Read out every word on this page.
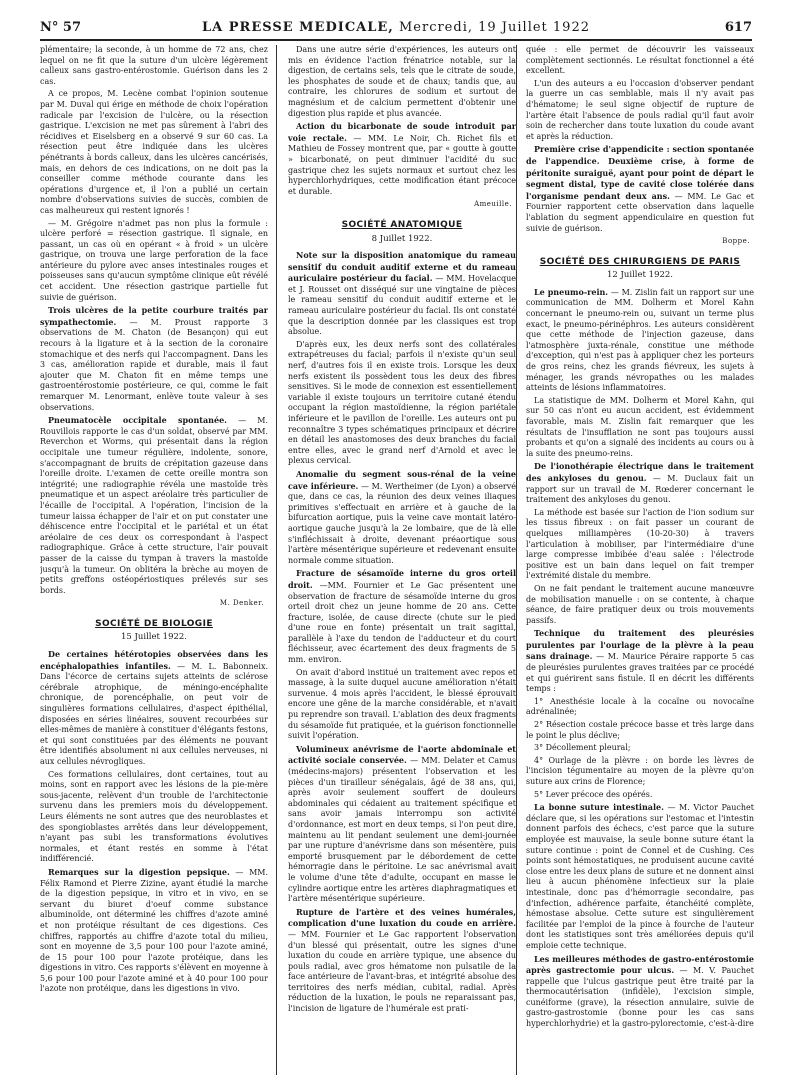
N° 57	LA PRESSE MEDICALE, Mercredi, 19 Juillet 1922	617

plémentaire; la seconde, à un homme de 72 ans, chez lequel on ne fit que la suture d'un ulcère légèrement calleux sans gastro-entérostomie. Guérison dans les 2 cas.

A ce propos, M. Lecène combat l'opinion soutenue par M. Duval qui érige en méthode de choix l'opération radicale par l'excision de l'ulcère, ou la résection gastrique. L'excision ne met pas sûrement à l'abri des récidives et Eiselsberg en a observé 9 sur 60 cas. La résection peut être indiquée dans les ulcères pénétrants à bords calleux, dans les ulcères cancérisés, mais, en dehors de ces indications, on ne doit pas la conseiller comme méthode courante dans les opérations d'urgence et, il l'on a publié un certain nombre d'observations suivies de succès, combien de cas malheureux qui restent ignorés !

— M. Grégoire n'admet pas non plus la formule : ulcère perforé = résection gastrique. Il signale, en passant, un cas où en opérant « à froid » un ulcère gastrique, on trouva une large perforation de la face antérieure du pylore avec anses intestinales rouges et poisseuses sans qu'aucun symptôme clinique eût révélé cet accident. Une résection gastrique partielle fut suivie de guérison.

Trois ulcères de la petite courbure traités par sympathectomie. — M. Proust rapporte 3 observations de M. Chaton (de Besançon) qui eut recours à la ligature et à la section de la coronaire stomachique et des nerfs qui l'accompagnent. Dans les 3 cas, amélioration rapide et durable, mais il faut ajouter que M. Chaton fit en même temps une gastroentérostomie postérieure, ce qui, comme le fait remarquer M. Lenormant, enlève toute valeur à ses observations.

Pneumatocèle occipitale spontanée. — M. Rouvillois rapporte le cas d'un soldat, observé par MM. Reverchon et Worms, qui présentait dans la région occipitale une tumeur régulière, indolente, sonore, s'accompagnant de bruits de crépitation gazeuse dans l'oreille droite. L'examen de cette oreille montra son intégrité; une radiographie révéla une mastoïde très pneumatique et un aspect aréolaire très particulier de l'écaille de l'occipital. A l'opération, l'incision de la tumeur laissa échapper de l'air et on put constater une déhiscence entre l'occipital et le pariétal et un état aréolaire de ces deux os correspondant à l'aspect radiographique. Grâce à cette structure, l'air pouvait passer de la caisse du tympan à travers la mastoïde jusqu'à la tumeur. On oblitéra la brèche au moyen de petits greffons ostéopériostiques prélevés sur ses bords.

M. Denker.
SOCIÉTÉ DE BIOLOGIE
15 Juillet 1922.

De certaines hétérotopies observées dans les encéphalopathies infantiles. — M. L. Babonneix. Dans l'écorce de certains sujets atteints de sclérose cérébrale atrophique, de méningo-encéphalite chronique, de porencéphalie, on peut voir de singulières formations cellulaires, d'aspect épithélial, disposées en séries linéaires, souvent recourbées sur elles-mêmes de manière à constituer d'élégants festons, et qui sont constituées par des éléments ne pouvant être identifiés absolument ni aux cellules nerveuses, ni aux cellules névrogliques.

Ces formations cellulaires, dont certaines, tout au moins, sont en rapport avec les lésions de la pie-mère sous-jacente, relèvent d'un trouble de l'architectonie survenu dans les premiers mois du développement. Leurs éléments ne sont autres que des neuroblastes et des spongioblastes arrêtés dans leur développement, n'ayant pas subi les transformations évolutives normales, et étant restés en somme à l'état indifférencié.

Remarques sur la digestion pepsique. — MM. Félix Ramond et Pierre Zizine, ayant étudié la marche de la digestion pepsique, in vitro et in vivo, en se servant du biuret d'oeuf comme substance albuminoïde, ont déterminé les chiffres d'azote aminé et non protéique résultant de ces digestions. Ces chiffres, rapportés au chiffre d'azote total du milieu, sont en moyenne de 3,5 pour 100 pour l'azote aminé, de 15 pour 100 pour l'azote protéique, dans les digestions in vitro. Ces rapports s'élèvent en moyenne à 5,6 pour 100 pour l'azote aminé et à 40 pour 100 pour l'azote non protéique, dans les digestions in vivo.

Dans une autre série d'expériences, les auteurs ont mis en évidence l'action frénatrice notable, sur la digestion, de certains sels, tels que le citrate de soude, les phosphates de soude et de chaux; tandis que, au contraire, les chlorures de sodium et surtout de magnésium et de calcium permettent d'obtenir une digestion plus rapide et plus avancée.

Action du bicarbonate de soude introduit par voie rectale. — MM. Le Noir, Ch. Richet fils et Mathieu de Fossey montrent que, par « goutte à goutte » bicarbonaté, on peut diminuer l'acidité du suc gastrique chez les sujets normaux et surtout chez les hyperchlorhydriques, cette modification étant précoce et durable.

Ameuille.
SOCIÉTÉ ANATOMIQUE
8 Juillet 1922.

Note sur la disposition anatomique du rameau sensitif du conduit auditif externe et du rameau auriculaire postérieur du facial. — MM. Hovelacque et J. Rousset ont disséqué sur une vingtaine de pièces le rameau sensitif du conduit auditif externe et le rameau auriculaire postérieur du facial. Ils ont constaté que la description donnée par les classiques est trop absolue.

D'après eux, les deux nerfs sont des collatérales extrapétreuses du facial; parfois il n'existe qu'un seul nerf, d'autres fois il en existe trois. Lorsque les deux nerfs existent ils possèdent tous les deux des fibres sensitives. Si le mode de connexion est essentiellement variable il existe toujours un territoire cutané étendu occupant la région mastoïdienne, la région pariétale inférieure et le pavillon de l'oreille. Les auteurs ont pu reconnaître 3 types schématiques principaux et décrire en détail les anastomoses des deux branches du facial entre elles, avec le grand nerf d'Arnold et avec le plexus cervical.

Anomalie du segment sous-rénal de la veine cave inférieure. — M. Wertheimer (de Lyon) a observé que, dans ce cas, la réunion des deux veines iliaques primitives s'effectuait en arrière et à gauche de la bifurcation aortique, puis la veine cave montait latéro-aortique gauche jusqu'à la 2e lombaire, que de là elle s'infléchissait à droite, devenant préaortique sous l'artère mésentérique supérieure et redevenant ensuite normale comme situation.

Fracture de sésamoïde interne du gros orteil droit. —MM. Fournier et Le Gac présentent une observation de fracture de sésamoïde interne du gros orteil droit chez un jeune homme de 20 ans. Cette fracture, isolée, de cause directe (chute sur le pied d'une roue en fonte) présentait un trait sagittal, parallèle à l'axe du tendon de l'adducteur et du court fléchisseur, avec écartement des deux fragments de 5 mm. environ.

On avait d'abord institué un traitement avec repos et massage, à la suite duquel aucune amélioration n'était survenue. 4 mois après l'accident, le blessé éprouvait encore une gêne de la marche considérable, et n'avait pu reprendre son travail. L'ablation des deux fragments du sésamoïde fut pratiquée, et la guérison fonctionnelle suivit l'opération.

Volumineux anévrisme de l'aorte abdominale et activité sociale conservée. — MM. Delater et Camus (médecins-majors) présentent l'observation et les pièces d'un tirailleur sénégalais, âgé de 38 ans, qui, après avoir seulement souffert de douleurs abdominales qui cédaient au traitement spécifique et sans avoir jamais interrompu son activité d'ordonnance, est mort en deux temps, si l'on peut dire, maintenu au lit pendant seulement une demi-journée par une rupture d'anévrisme dans son mésentère, puis emporté brusquement par le débordement de cette hémorragie dans le péritoine. Le sac anévrismal avait le volume d'une tête d'adulte, occupant en masse le cylindre aortique entre les artères diaphragmatiques et l'artère mésentérique supérieure.

Rupture de l'artère et des veines humérales, complication d'une luxation du coude en arrière. — MM. Fournier et Le Gac rapportent l'observation d'un blessé qui présentait, outre les signes d'une luxation du coude en arrière typique, une absence du pouls radial, avec gros hématome non pulsatile de la face antérieure de l'avant-bras, et intégrité absolue des territoires des nerfs médian, cubital, radial. Après réduction de la luxation, le pouls ne reparaissant pas, l'incision de ligature de l'humérale est prati-

quée : elle permet de découvrir les vaisseaux complètement sectionnés. Le résultat fonctionnel a été excellent.

L'un des auteurs a eu l'occasion d'observer pendant la guerre un cas semblable, mais il n'y avait pas d'hématome; le seul signe objectif de rupture de l'artère était l'absence de pouls radial qu'il faut avoir soin de rechercher dans toute luxation du coude avant et après la réduction.

Première crise d'appendicite : section spontanée de l'appendice. Deuxième crise, à forme de péritonite suraiguë, ayant pour point de départ le segment distal, type de cavité close tolérée dans l'organisme pendant deux ans. — MM. Le Gac et Fournier rapportent cette observation dans laquelle l'ablation du segment appendiculaire en question fut suivie de guérison.

Boppe.
SOCIÉTÉ DES CHIRURGIENS DE PARIS
12 Juillet 1922.

Le pneumo-rein. — M. Zislin fait un rapport sur une communication de MM. Dolherm et Morel Kahn concernant le pneumo-rein ou, suivant un terme plus exact, le pneumo-périnéphros. Les auteurs considèrent que cette méthode de l'injection gazeuse, dans l'atmosphère juxta-rénale, constitue une méthode d'exception, qui n'est pas à appliquer chez les porteurs de gros reins, chez les grands fiévreux, les sujets à ménager, les grands névropathes ou les malades atteints de lésions inflammatoires.

La statistique de MM. Dolherm et Morel Kahn, qui sur 50 cas n'ont eu aucun accident, est évidemment favorable, mais M. Zislin fait remarquer que les résultats de l'insufflation ne sont pas toujours aussi probants et qu'on a signalé des incidents au cours ou à la suite des pneumo-reins.

De l'ionothérapie électrique dans le traitement des ankyloses du genou. — M. Duclaux fait un rapport sur un travail de M. Rœderer concernant le traitement des ankyloses du genou.

La méthode est basée sur l'action de l'ion sodium sur les tissus fibreux : on fait passer un courant de quelques milliampères (10-20-30) à travers l'articulation à mobiliser, par l'intermédiaire d'une large compresse imbibée d'eau salée : l'électrode positive est un bain dans lequel on fait tremper l'extrémité distale du membre.

On ne fait pendant le traitement aucune manœuvre de mobilisation manuelle : on se contente, à chaque séance, de faire pratiquer deux ou trois mouvements passifs.

Technique du traitement des pleurésies purulentes par l'ourlage de la plèvre à la peau sans drainage. — M. Maurice Péraire rapporte 5 cas de pleurésies purulentes graves traitées par ce procédé et qui guérirent sans fistule. Il en décrit les différents temps :

1° Anesthésie locale à la cocaïne ou novocaïne adrénalinée;

2° Résection costale précoce basse et très large dans le point le plus déclive;

3° Décollement pleural;

4° Ourlage de la plèvre : on borde les lèvres de l'incision tégumentaire au moyen de la plèvre qu'on suture aux crins de Florence;

5° Lever précoce des opérés.

La bonne suture intestinale. — M. Victor Pauchet déclare que, si les opérations sur l'estomac et l'intestin donnent parfois des échecs, c'est parce que la suture employée est mauvaise, la seule bonne suture étant la suture continue : point de Connel et de Cushing. Ces points sont hémostatiques, ne produisent aucune cavité close entre les deux plans de suture et ne donnent ainsi lieu à aucun phénomène infectieux sur la plaie intestinale, donc pas d'hémorragie secondaire, pas d'infection, adhérence parfaite, étanchéité complète, hémostase absolue. Cette suture est singulièrement facilitée par l'emploi de la pince à fourche de l'auteur dont les statistiques sont très améliorées depuis qu'il emploie cette technique.

Les meilleures méthodes de gastro-entérostomie après gastrectomie pour ulcus. — M. V. Pauchet rappelle que l'ulcus gastrique peut être traité par la thermocautérisation (infidèle), l'excision simple, cunéiforme (grave), la résection annulaire, suivie de gastro-gastrostomie (bonne pour les cas sans hyperchlorhydrie) et la gastro-pylorectomie, c'est-à-dire
